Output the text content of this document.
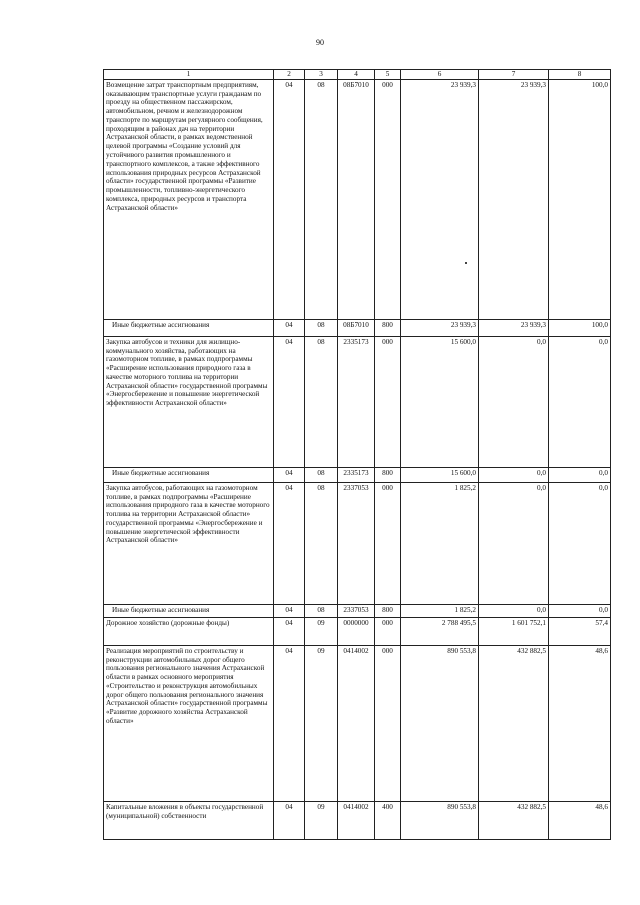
90
1	2	3	4	5	6	7	8
Возмещение затрат транспортным предприятиям, оказывающим транспортные услуги гражданам по проезду на общественном пассажирском, автомобильном, речном и железнодорожном транспорте по маршрутам регулярного сообщения, проходящим в районах дач на территории Астраханской области, в рамках ведомственной целевой программы «Создание условий для устойчивого развития промышленного и транспортного комплексов, а также эффективного использования природных ресурсов Астраханской области» государственной программы «Развитие промышленности, топливно-энергетического комплекса, природных ресурсов и транспорта Астраханской области»	04	08	08Б7010	000	23 939,3	23 939,3	100,0
Иные бюджетные ассигнования	04	08	08Б7010	800	23 939,3	23 939,3	100,0
Закупка автобусов и техники для жилищно-коммунального хозяйства, работающих на газомоторном топливе, в рамках подпрограммы «Расширение использования природного газа в качестве моторного топлива на территории Астраханской области» государственной программы «Энергосбережение и повышение энергетической эффективности Астраханской области»	04	08	2335173	000	15 600,0	0,0	0,0
Иные бюджетные ассигнования	04	08	2335173	800	15 600,0	0,0	0,0
Закупка автобусов, работающих на газомоторном топливе, в рамках подпрограммы «Расширение использования природного газа в качестве моторного топлива на территории Астраханской области» государственной программы «Энергосбережение и повышение энергетической эффективности Астраханской области»	04	08	2337053	000	1 825,2	0,0	0,0
Иные бюджетные ассигнования	04	08	2337053	800	1 825,2	0,0	0,0
Дорожное хозяйство (дорожные фонды)	04	09	0000000	000	2 788 495,5	1 601 752,1	57,4
Реализация мероприятий по строительству и реконструкции автомобильных дорог общего пользования регионального значения Астраханской области в рамках основного мероприятия «Строительство и реконструкция автомобильных дорог общего пользования регионального значения Астраханской области» государственной программы «Развитие дорожного хозяйства Астраханской области»	04	09	0414002	000	890 553,8	432 882,5	48,6
Капитальные вложения в объекты государственной (муниципальной) собственности	04	09	0414002	400	890 553,8	432 882,5	48,6
